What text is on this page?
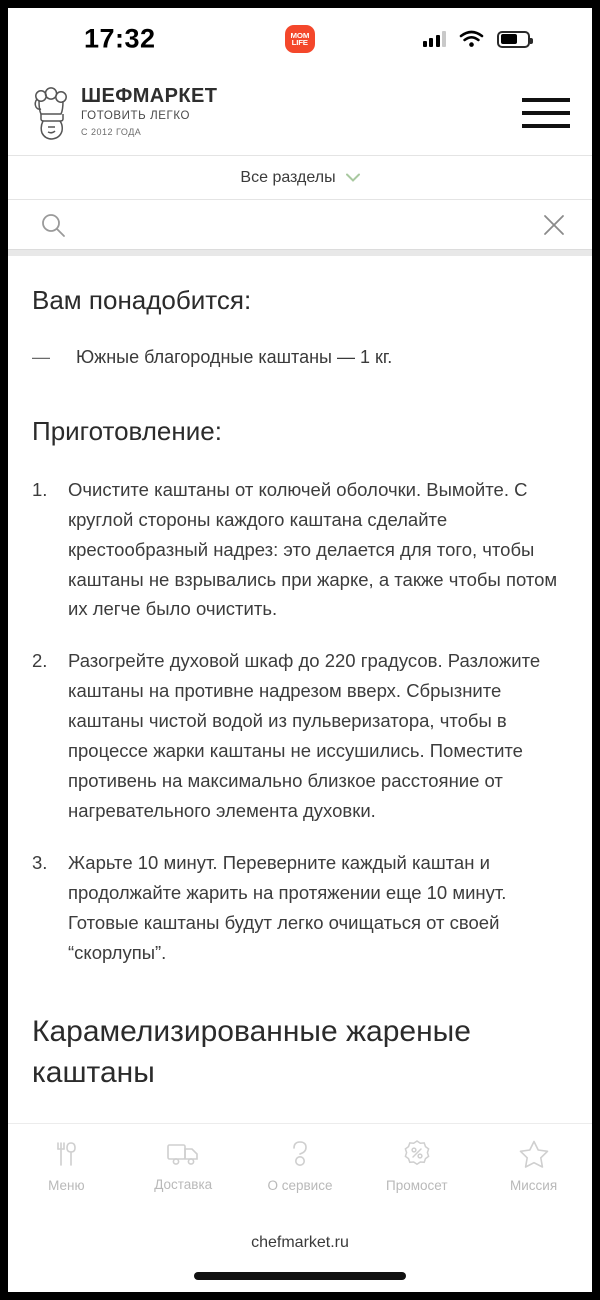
17:32	MOM
LIFE
ШЕФМАРКЕТ
ГОТОВИТЬ ЛЕГКО
С 2012 ГОДА
Все разделы
Вам понадобится:
— Южные благородные каштаны — 1 кг.
Приготовление:
Очистите каштаны от колючей оболочки. Вымойте. С круглой стороны каждого каштана сделайте крестообразный надрез: это делается для того, чтобы каштаны не взрывались при жарке, а также чтобы потом их легче было очистить.
Разогрейте духовой шкаф до 220 градусов. Разложите каштаны на противне надрезом вверх. Сбрызните каштаны чистой водой из пульверизатора, чтобы в процессе жарки каштаны не иссушились. Поместите противень на максимально близкое расстояние от нагревательного элемента духовки.
Жарьте 10 минут. Переверните каждый каштан и продолжайте жарить на протяжении еще 10 минут. Готовые каштаны будут легко очищаться от своей “скорлупы”.
Карамелизированные жареные каштаны
Меню	Доставка	О сервисе	Промосет	Миссия
chefmarket.ru
